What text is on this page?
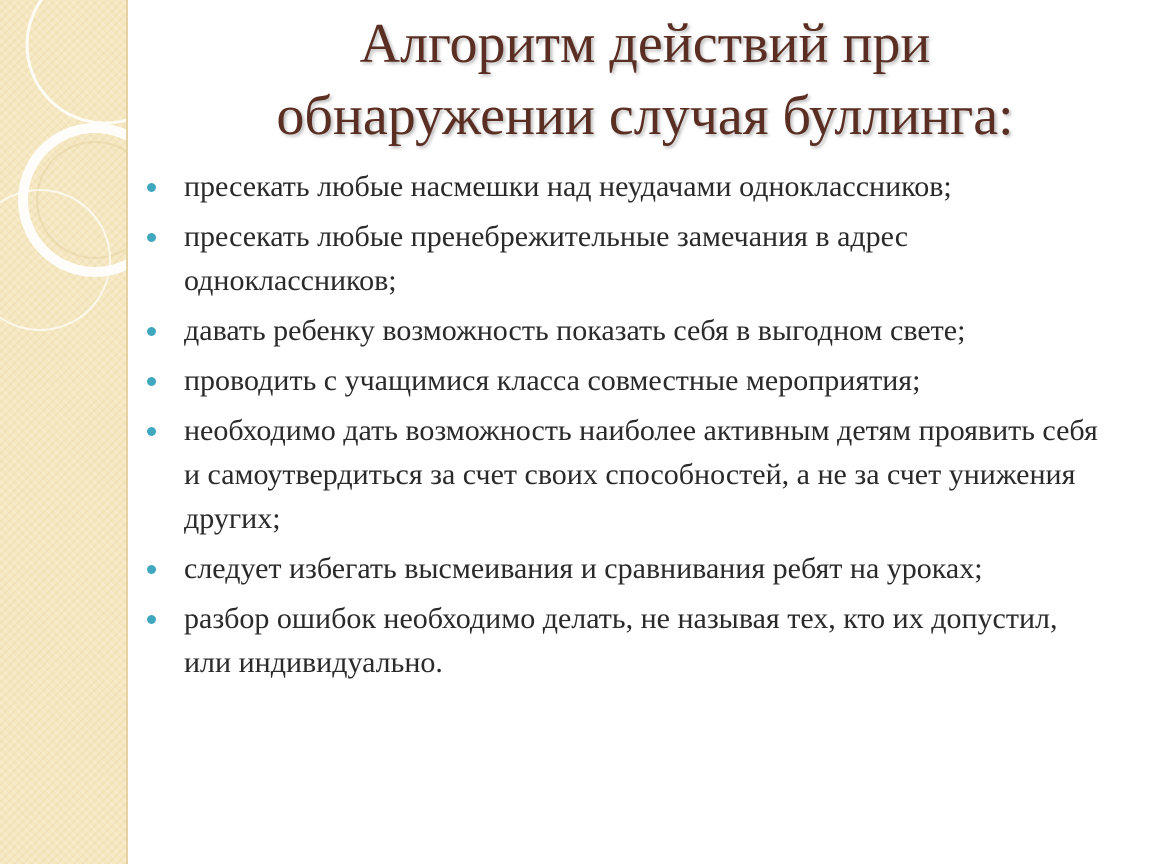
Алгоритм действий при
обнаружении случая буллинга:
пресекать любые насмешки над неудачами одноклассников;
пресекать любые пренебрежительные замечания в адрес одноклассников;
давать ребенку возможность показать себя в выгодном свете;
проводить с учащимися класса совместные мероприятия;
необходимо дать возможность наиболее активным детям проявить себя и самоутвердиться за счет своих способностей, а не за счет унижения других;
следует избегать высмеивания и сравнивания ребят на уроках;
разбор ошибок необходимо делать, не называя тех, кто их допустил, или индивидуально.
